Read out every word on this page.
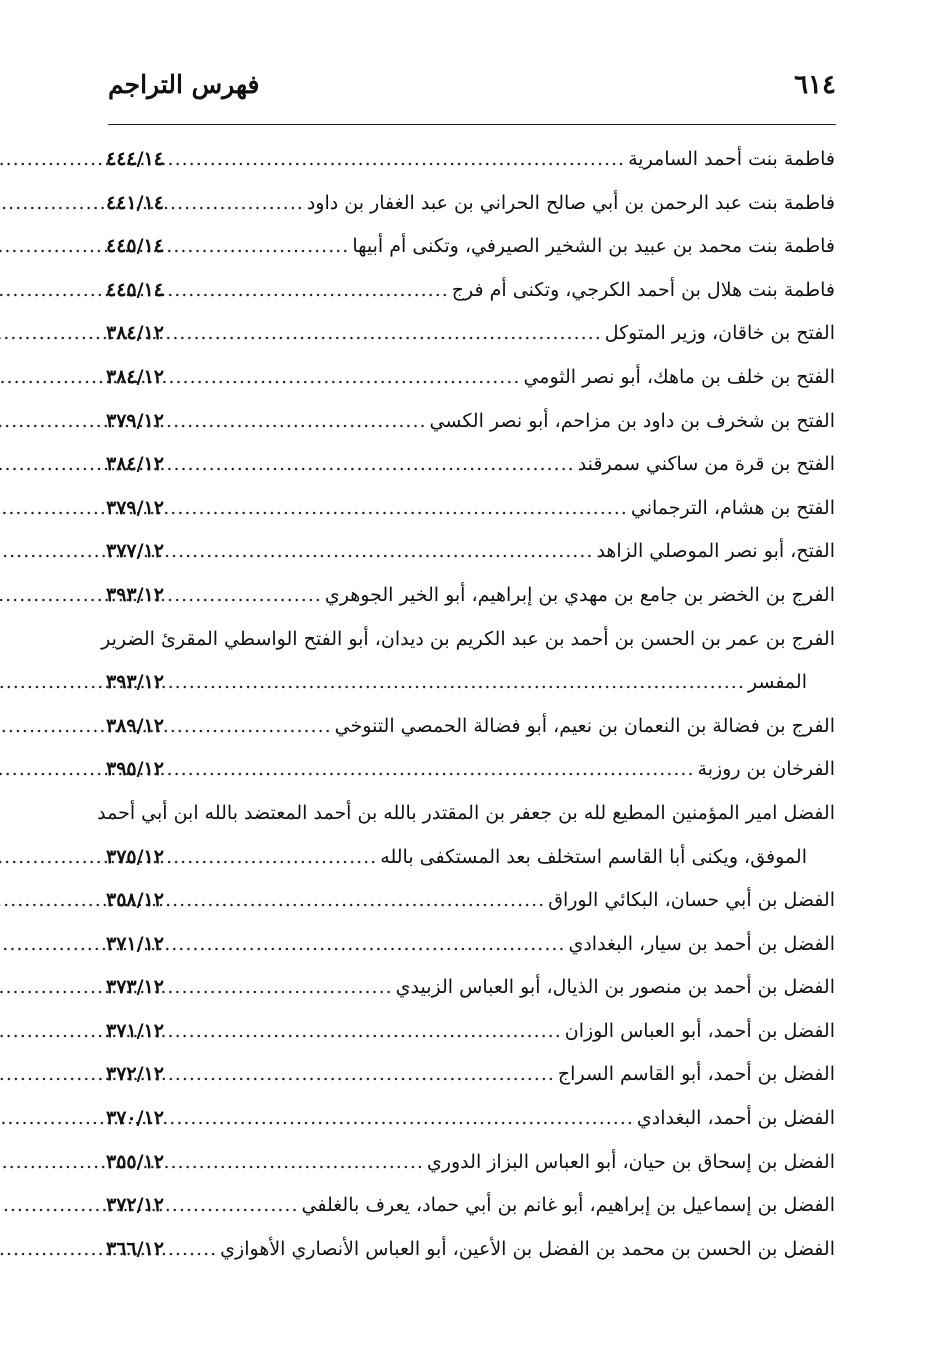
٦١٤
فهرس التراجم
فاطمة بنت أحمد السامرية
.....
٤٤٤/١٤
فاطمة بنت عبد الرحمن بن أبي صالح الحراني بن عبد الغفار بن داود
.....
٤٤١/١٤
فاطمة بنت محمد بن عبيد بن الشخير الصيرفي، وتكنى أم أبيها
.....
٤٤٥/١٤
فاطمة بنت هلال بن أحمد الكرجي، وتكنى أم فرج
.....
٤٤٥/١٤
الفتح بن خاقان، وزير المتوكل
.....
٣٨٤/١٢
الفتح بن خلف بن ماهك، أبو نصر الثومي
.....
٣٨٤/١٢
الفتح بن شخرف بن داود بن مزاحم، أبو نصر الكسي
.....
٣٧٩/١٢
الفتح بن قرة من ساكني سمرقند
.....
٣٨٤/١٢
الفتح بن هشام، الترجماني
.....
٣٧٩/١٢
الفتح، أبو نصر الموصلي الزاهد
.....
٣٧٧/١٢
الفرج بن الخضر بن جامع بن مهدي بن إبراهيم، أبو الخير الجوهري
.....
٣٩٣/١٢
الفرج بن عمر بن الحسن بن أحمد بن عبد الكريم بن ديدان، أبو الفتح الواسطي المقرئ الضرير
المفسر
.....
٣٩٣/١٢
الفرج بن فضالة بن النعمان بن نعيم، أبو فضالة الحمصي التنوخي
.....
٣٨٩/١٢
الفرخان بن روزبة
.....
٣٩٥/١٢
الفضل امير المؤمنين المطيع لله بن جعفر بن المقتدر بالله بن أحمد المعتضد بالله ابن أبي أحمد
الموفق، ويكنى أبا القاسم استخلف بعد المستكفى بالله
.....
٣٧٥/١٢
الفضل بن أبي حسان، البكائي الوراق
.....
٣٥٨/١٢
الفضل بن أحمد بن سيار، البغدادي
.....
٣٧١/١٢
الفضل بن أحمد بن منصور بن الذيال، أبو العباس الزبيدي
.....
٣٧٣/١٢
الفضل بن أحمد، أبو العباس الوزان
.....
٣٧١/١٢
الفضل بن أحمد، أبو القاسم السراج
.....
٣٧٢/١٢
الفضل بن أحمد، البغدادي
.....
٣٧٠/١٢
الفضل بن إسحاق بن حيان، أبو العباس البزاز الدوري
.....
٣٥٥/١٢
الفضل بن إسماعيل بن إبراهيم، أبو غانم بن أبي حماد، يعرف بالغلفي
.....
٣٧٢/١٢
الفضل بن الحسن بن محمد بن الفضل بن الأعين، أبو العباس الأنصاري الأهوازي
.....
٣٦٦/١٢
